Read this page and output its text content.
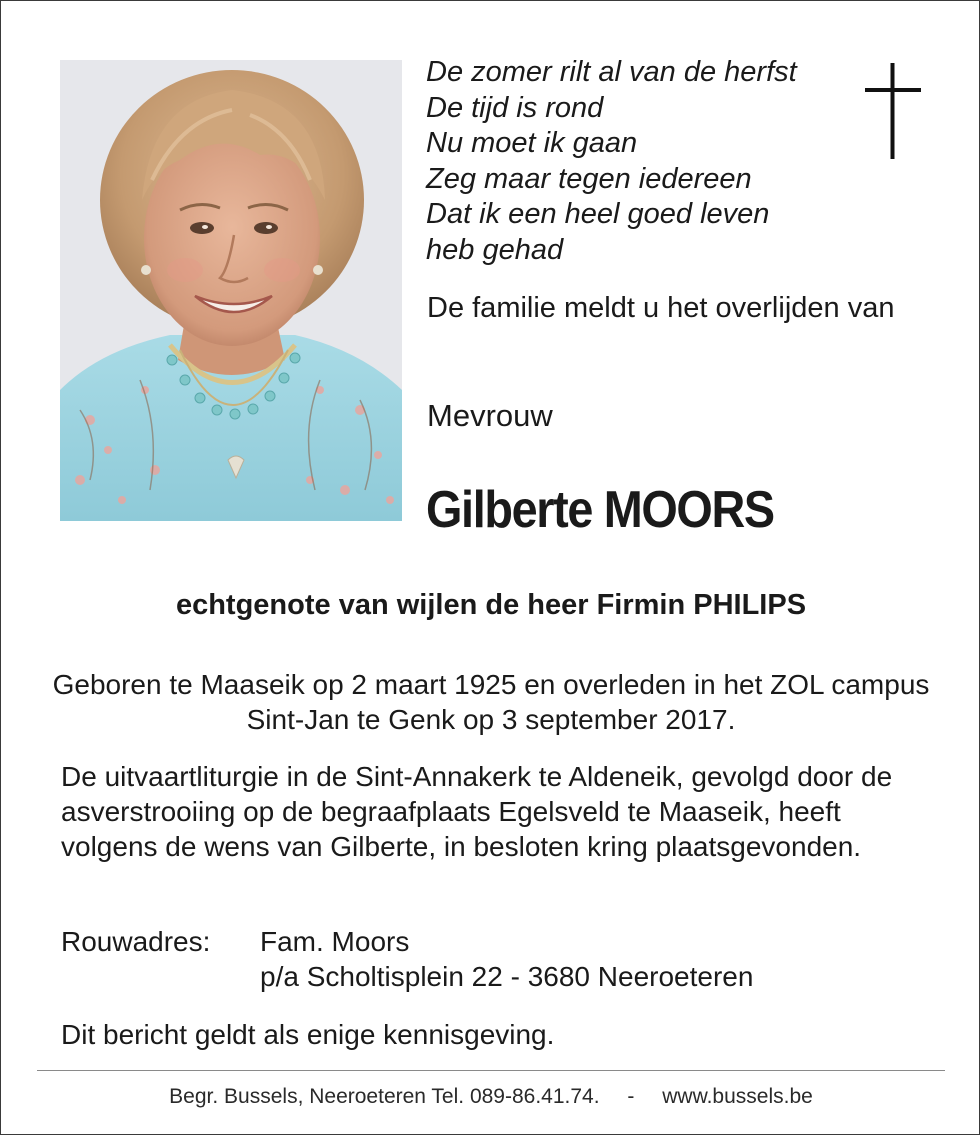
De zomer rilt al van de herfst
De tijd is rond
Nu moet ik gaan
Zeg maar tegen iedereen
Dat ik een heel goed leven
heb gehad
De familie meldt u het overlijden van
Mevrouw
Gilberte MOORS
echtgenote van wijlen de heer Firmin PHILIPS
Geboren te Maaseik op 2 maart 1925 en overleden in het ZOL campus Sint-Jan te Genk op 3 september 2017.
De uitvaartliturgie in de Sint-Annakerk te Aldeneik, gevolgd door de asverstrooiing op de begraafplaats Egelsveld te Maaseik, heeft volgens de wens van Gilberte, in besloten kring plaatsgevonden.
Rouwadres: Fam. Moors
p/a Scholtisplein 22 - 3680 Neeroeteren
Dit bericht geldt als enige kennisgeving.
Begr. Bussels, Neeroeteren Tel. 089-86.41.74. - www.bussels.be
